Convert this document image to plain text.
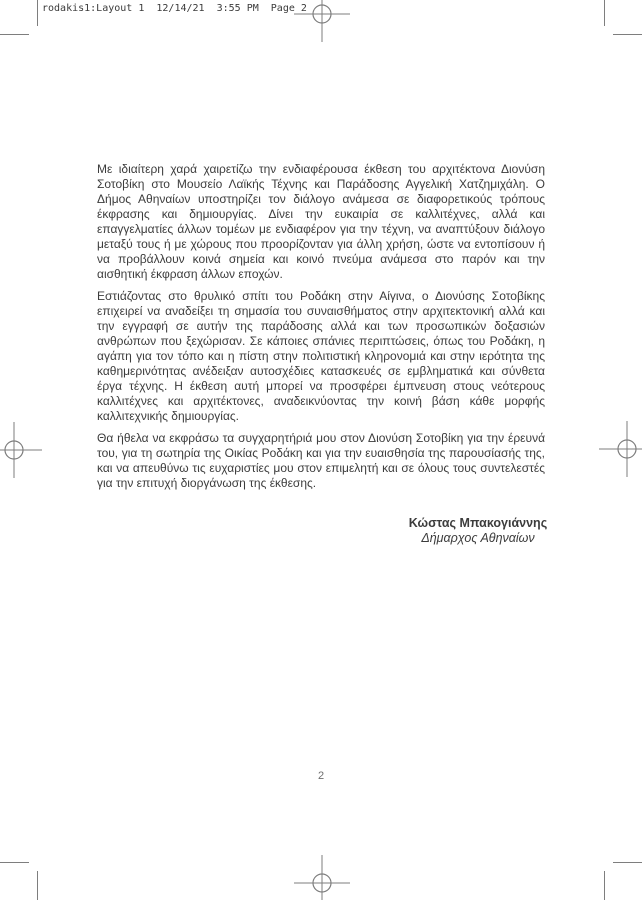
rodakis1:Layout 1  12/14/21  3:55 PM  Page 2

Με ιδιαίτερη χαρά χαιρετίζω την ενδιαφέρουσα έκθεση του αρχιτέκτονα Διονύση Σοτοβίκη στο Μουσείο Λαϊκής Τέχνης και Παράδοσης Αγγελική Χατζημιχάλη. Ο Δήμος Αθηναίων υποστηρίζει τον διάλογο ανάμεσα σε διαφορετικούς τρόπους έκφρασης και δημιουργίας. Δίνει την ευκαιρία σε καλλιτέχνες, αλλά και επαγγελματίες άλλων τομέων με ενδιαφέρον για την τέχνη, να αναπτύξουν διάλογο μεταξύ τους ή με χώρους που προορίζονταν για άλλη χρήση, ώστε να εντοπίσουν ή να προβάλλουν κοινά σημεία και κοινό πνεύμα ανάμεσα στο παρόν και την αισθητική έκφραση άλλων εποχών.

Εστιάζοντας στο θρυλικό σπίτι του Ροδάκη στην Αίγινα, ο Διονύσης Σοτοβίκης επιχειρεί να αναδείξει τη σημασία του συναισθήματος στην αρχιτεκτονική αλλά και την εγγραφή σε αυτήν της παράδοσης αλλά και των προσωπικών δοξασιών ανθρώπων που ξεχώρισαν. Σε κάποιες σπάνιες περιπτώσεις, όπως του Ροδάκη, η αγάπη για τον τόπο και η πίστη στην πολιτιστική κληρονομιά και στην ιερότητα της καθημερινότητας ανέδειξαν αυτοσχέδιες κατασκευές σε εμβληματικά και σύνθετα έργα τέχνης. Η έκθεση αυτή μπορεί να προσφέρει έμπνευση στους νεότερους καλλιτέχνες και αρχιτέκτονες, αναδεικνύοντας την κοινή βάση κάθε μορφής καλλιτεχνικής δημιουργίας.

Θα ήθελα να εκφράσω τα συγχαρητήριά μου στον Διονύση Σοτοβίκη για την έρευνά του, για τη σωτηρία της Οικίας Ροδάκη και για την ευαισθησία της παρουσίασής της, και να απευθύνω τις ευχαριστίες μου στον επιμελητή και σε όλους τους συντελεστές για την επιτυχή διοργάνωση της έκθεσης.

Κώστας Μπακογιάννης
Δήμαρχος Αθηναίων
2
